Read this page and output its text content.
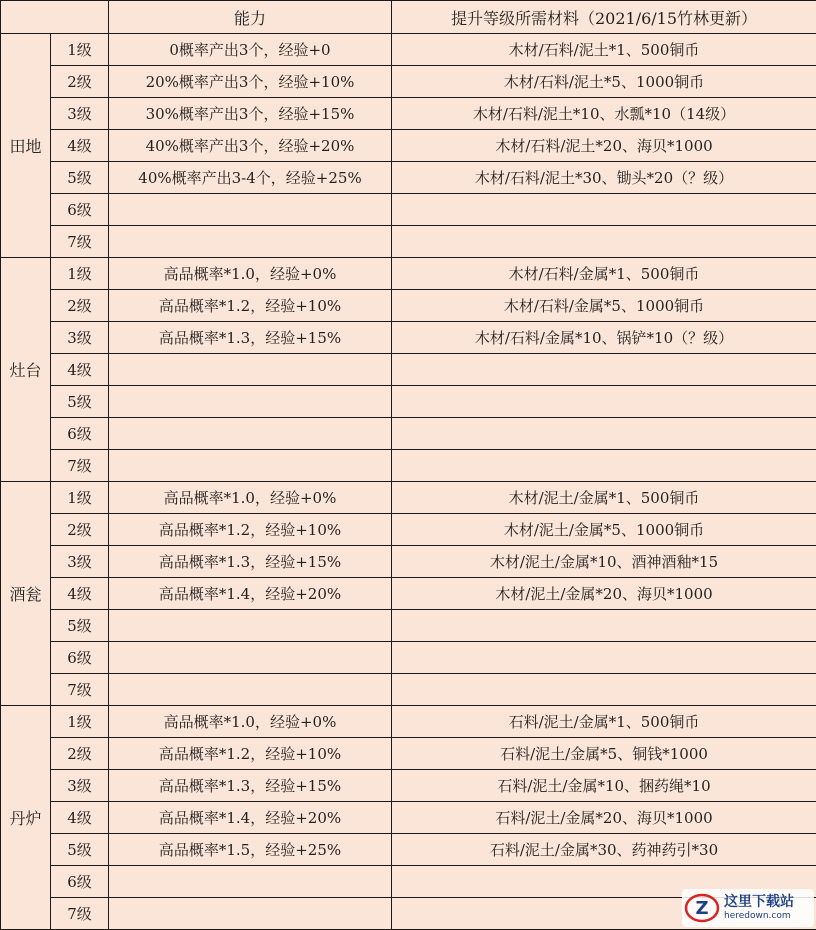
		能力	提升等级所需材料（2021/6/15竹林更新）
田地	1级	0概率产出3个，经验+0	木材/石料/泥土*1、500铜币
	2级	20%概率产出3个，经验+10%	木材/石料/泥土*5、1000铜币
	3级	30%概率产出3个，经验+15%	木材/石料/泥土*10、水瓢*10（14级）
	4级	40%概率产出3个，经验+20%	木材/石料/泥土*20、海贝*1000
	5级	40%概率产出3-4个，经验+25%	木材/石料/泥土*30、锄头*20（？级）
	6级		
	7级		
灶台	1级	高品概率*1.0，经验+0%	木材/石料/金属*1、500铜币
	2级	高品概率*1.2，经验+10%	木材/石料/金属*5、1000铜币
	3级	高品概率*1.3，经验+15%	木材/石料/金属*10、锅铲*10（？级）
	4级		
	5级		
	6级		
	7级		
酒瓮	1级	高品概率*1.0，经验+0%	木材/泥土/金属*1、500铜币
	2级	高品概率*1.2，经验+10%	木材/泥土/金属*5、1000铜币
	3级	高品概率*1.3，经验+15%	木材/泥土/金属*10、酒神酒釉*15
	4级	高品概率*1.4，经验+20%	木材/泥土/金属*20、海贝*1000
	5级		
	6级		
	7级		
丹炉	1级	高品概率*1.0，经验+0%	石料/泥土/金属*1、500铜币
	2级	高品概率*1.2，经验+10%	石料/泥土/金属*5、铜钱*1000
	3级	高品概率*1.3，经验+15%	石料/泥土/金属*10、捆药绳*10
	4级	高品概率*1.4，经验+20%	石料/泥土/金属*20、海贝*1000
	5级	高品概率*1.5，经验+25%	石料/泥土/金属*30、药神药引*30
	6级		
	7级			Z 这里下载站
heredown.com
